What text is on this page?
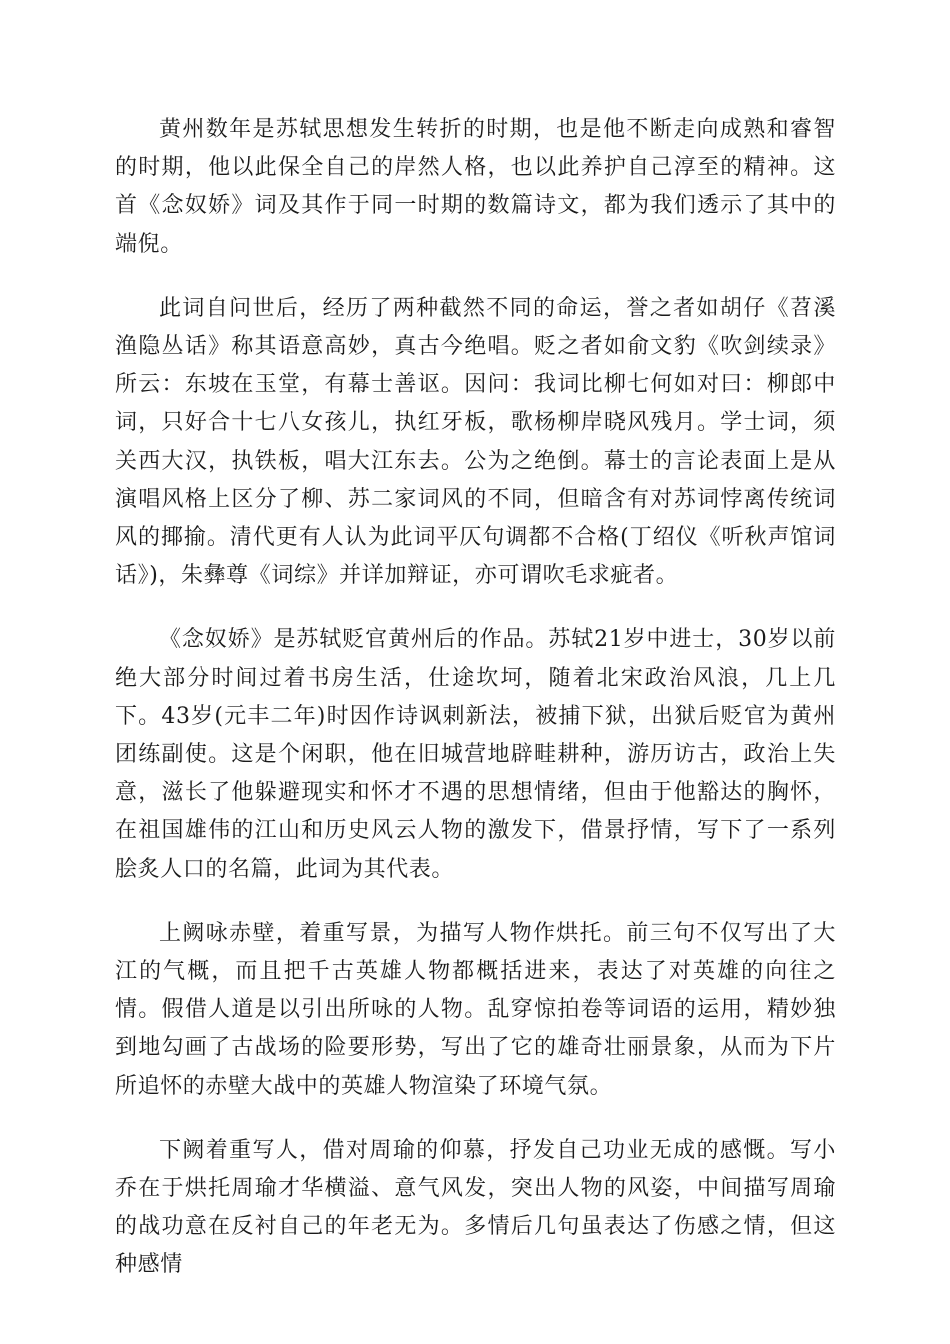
黄州数年是苏轼思想发生转折的时期，也是他不断走向成熟和睿智的时期，他以此保全自己的岸然人格，也以此养护自己淳至的精神。这首《念奴娇》词及其作于同一时期的数篇诗文，都为我们透示了其中的端倪。

此词自问世后，经历了两种截然不同的命运，誉之者如胡仔《苕溪渔隐丛话》称其语意高妙，真古今绝唱。贬之者如俞文豹《吹剑续录》所云：东坡在玉堂，有幕士善讴。因问：我词比柳七何如对曰：柳郎中词，只好合十七八女孩儿，执红牙板，歌杨柳岸晓风残月。学士词，须关西大汉，执铁板，唱大江东去。公为之绝倒。幕士的言论表面上是从演唱风格上区分了柳、苏二家词风的不同，但暗含有对苏词悖离传统词风的揶揄。清代更有人认为此词平仄句调都不合格(丁绍仪《听秋声馆词话》)，朱彝尊《词综》并详加辩证，亦可谓吹毛求疵者。

《念奴娇》是苏轼贬官黄州后的作品。苏轼21岁中进士，30岁以前绝大部分时间过着书房生活，仕途坎坷，随着北宋政治风浪，几上几下。43岁(元丰二年)时因作诗讽刺新法，被捕下狱，出狱后贬官为黄州团练副使。这是个闲职，他在旧城营地辟畦耕种，游历访古，政治上失意，滋长了他躲避现实和怀才不遇的思想情绪，但由于他豁达的胸怀，在祖国雄伟的江山和历史风云人物的激发下，借景抒情，写下了一系列脍炙人口的名篇，此词为其代表。

上阙咏赤壁，着重写景，为描写人物作烘托。前三句不仅写出了大江的气概，而且把千古英雄人物都概括进来，表达了对英雄的向往之情。假借人道是以引出所咏的人物。乱穿惊拍卷等词语的运用，精妙独到地勾画了古战场的险要形势，写出了它的雄奇壮丽景象，从而为下片所追怀的赤壁大战中的英雄人物渲染了环境气氛。

下阙着重写人，借对周瑜的仰慕，抒发自己功业无成的感慨。写小乔在于烘托周瑜才华横溢、意气风发，突出人物的风姿，中间描写周瑜的战功意在反衬自己的年老无为。多情后几句虽表达了伤感之情，但这种感情
